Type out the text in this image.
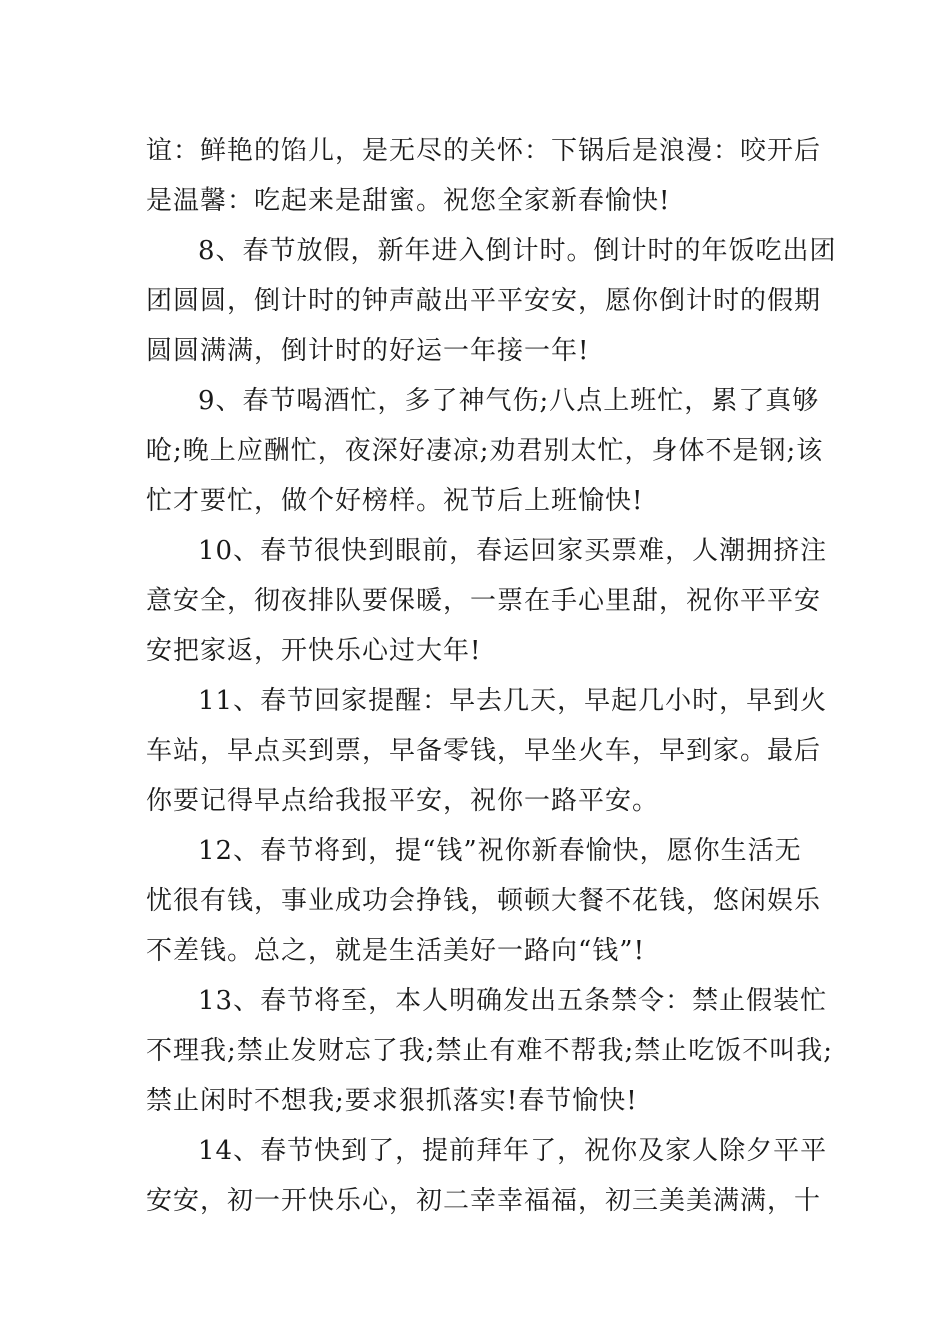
谊：鲜艳的馅儿，是无尽的关怀：下锅后是浪漫：咬开后
是温馨：吃起来是甜蜜。祝您全家新春愉快!
8、春节放假，新年进入倒计时。倒计时的年饭吃出团
团圆圆，倒计时的钟声敲出平平安安，愿你倒计时的假期
圆圆满满，倒计时的好运一年接一年!
9、春节喝酒忙，多了神气伤;八点上班忙，累了真够
呛;晚上应酬忙，夜深好凄凉;劝君别太忙，身体不是钢;该
忙才要忙，做个好榜样。祝节后上班愉快!
10、春节很快到眼前，春运回家买票难，人潮拥挤注
意安全，彻夜排队要保暖，一票在手心里甜，祝你平平安
安把家返，开快乐心过大年!
11、春节回家提醒：早去几天，早起几小时，早到火
车站，早点买到票，早备零钱，早坐火车，早到家。最后
你要记得早点给我报平安，祝你一路平安。
12、春节将到，提“钱”祝你新春愉快，愿你生活无
忧很有钱，事业成功会挣钱，顿顿大餐不花钱，悠闲娱乐
不差钱。总之，就是生活美好一路向“钱”!
13、春节将至，本人明确发出五条禁令：禁止假装忙
不理我;禁止发财忘了我;禁止有难不帮我;禁止吃饭不叫我;
禁止闲时不想我;要求狠抓落实!春节愉快!
14、春节快到了，提前拜年了，祝你及家人除夕平平
安安，初一开快乐心，初二幸幸福福，初三美美满满，十
